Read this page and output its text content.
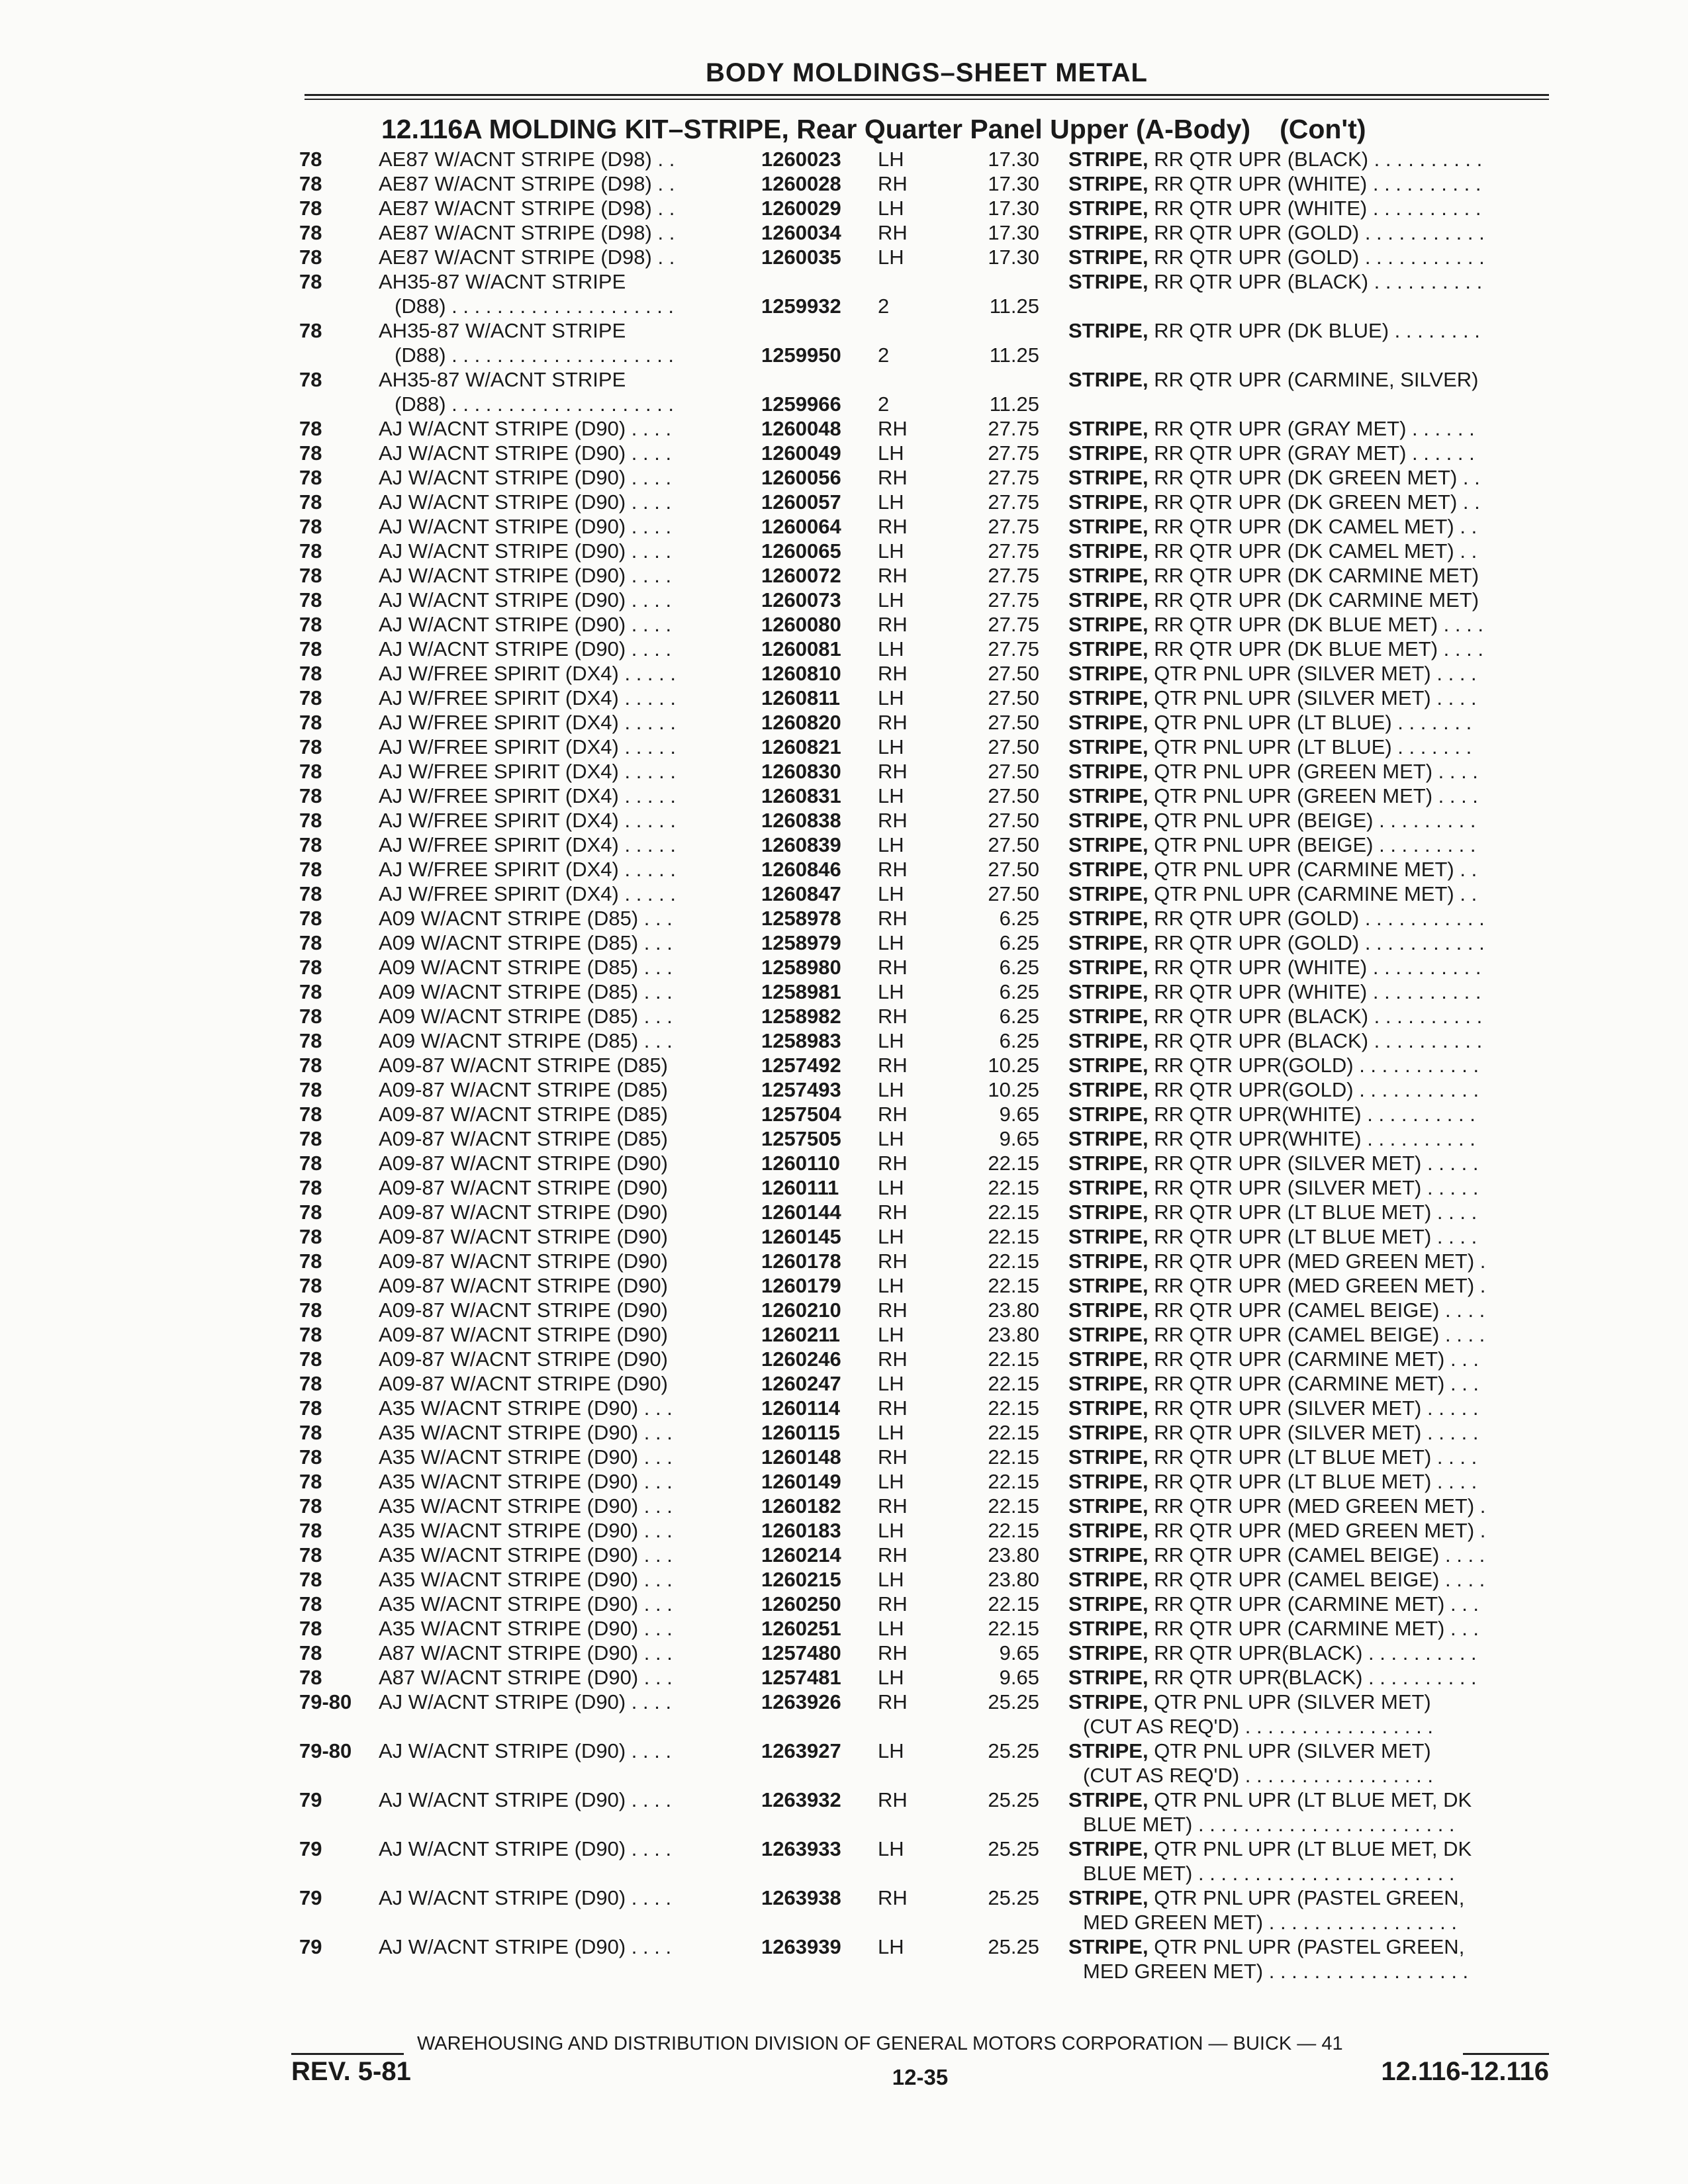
BODY MOLDINGS–SHEET METAL
12.116A MOLDING KIT–STRIPE, Rear Quarter Panel Upper (A-Body) (Con't)
78	AE87 W/ACNT STRIPE (D98) . .	1260023 LH	17.30 STRIPE, RR QTR UPR (BLACK) . . . . . . . . . .
78	AE87 W/ACNT STRIPE (D98) . .	1260028 RH	17.30 STRIPE, RR QTR UPR (WHITE) . . . . . . . . . .
78	AE87 W/ACNT STRIPE (D98) . .	1260029 LH	17.30 STRIPE, RR QTR UPR (WHITE) . . . . . . . . . .
78	AE87 W/ACNT STRIPE (D98) . .	1260034 RH	17.30 STRIPE, RR QTR UPR (GOLD) . . . . . . . . . . .
78	AE87 W/ACNT STRIPE (D98) . .	1260035 LH	17.30 STRIPE, RR QTR UPR (GOLD) . . . . . . . . . . .
78	AH35-87 W/ACNT STRIPE
(D88) . . . . . . . . . . . . . . . . . . . .	1259932 2	11.25
STRIPE, RR QTR UPR (BLACK) . . . . . . . . . .
78	AH35-87 W/ACNT STRIPE
(D88) . . . . . . . . . . . . . . . . . . . .	1259950 2	11.25
STRIPE, RR QTR UPR (DK BLUE) . . . . . . . .
78	AH35-87 W/ACNT STRIPE
(D88) . . . . . . . . . . . . . . . . . . . .	1259966 2	11.25
STRIPE, RR QTR UPR (CARMINE, SILVER)
78	AJ W/ACNT STRIPE (D90) . . . .	1260048 RH	27.75 STRIPE, RR QTR UPR (GRAY MET) . . . . . .
78	AJ W/ACNT STRIPE (D90) . . . .	1260049 LH	27.75 STRIPE, RR QTR UPR (GRAY MET) . . . . . .
78	AJ W/ACNT STRIPE (D90) . . . .	1260056 RH	27.75 STRIPE, RR QTR UPR (DK GREEN MET) . .
78	AJ W/ACNT STRIPE (D90) . . . .	1260057 LH	27.75 STRIPE, RR QTR UPR (DK GREEN MET) . .
78	AJ W/ACNT STRIPE (D90) . . . .	1260064 RH	27.75 STRIPE, RR QTR UPR (DK CAMEL MET) . .
78	AJ W/ACNT STRIPE (D90) . . . .	1260065 LH	27.75 STRIPE, RR QTR UPR (DK CAMEL MET) . .
78	AJ W/ACNT STRIPE (D90) . . . .	1260072 RH	27.75 STRIPE, RR QTR UPR (DK CARMINE MET)
78	AJ W/ACNT STRIPE (D90) . . . .	1260073 LH	27.75 STRIPE, RR QTR UPR (DK CARMINE MET)
78	AJ W/ACNT STRIPE (D90) . . . .	1260080 RH	27.75 STRIPE, RR QTR UPR (DK BLUE MET) . . . .
78	AJ W/ACNT STRIPE (D90) . . . .	1260081 LH	27.75 STRIPE, RR QTR UPR (DK BLUE MET) . . . .
78	AJ W/FREE SPIRIT (DX4) . . . . .	1260810 RH	27.50 STRIPE, QTR PNL UPR (SILVER MET) . . . .
78	AJ W/FREE SPIRIT (DX4) . . . . .	1260811 LH	27.50 STRIPE, QTR PNL UPR (SILVER MET) . . . .
78	AJ W/FREE SPIRIT (DX4) . . . . .	1260820 RH	27.50 STRIPE, QTR PNL UPR (LT BLUE) . . . . . . .
78	AJ W/FREE SPIRIT (DX4) . . . . .	1260821 LH	27.50 STRIPE, QTR PNL UPR (LT BLUE) . . . . . . .
78	AJ W/FREE SPIRIT (DX4) . . . . .	1260830 RH	27.50 STRIPE, QTR PNL UPR (GREEN MET) . . . .
78	AJ W/FREE SPIRIT (DX4) . . . . .	1260831 LH	27.50 STRIPE, QTR PNL UPR (GREEN MET) . . . .
78	AJ W/FREE SPIRIT (DX4) . . . . .	1260838 RH	27.50 STRIPE, QTR PNL UPR (BEIGE) . . . . . . . . .
78	AJ W/FREE SPIRIT (DX4) . . . . .	1260839 LH	27.50 STRIPE, QTR PNL UPR (BEIGE) . . . . . . . . .
78	AJ W/FREE SPIRIT (DX4) . . . . .	1260846 RH	27.50 STRIPE, QTR PNL UPR (CARMINE MET) . .
78	AJ W/FREE SPIRIT (DX4) . . . . .	1260847 LH	27.50 STRIPE, QTR PNL UPR (CARMINE MET) . .
78	A09 W/ACNT STRIPE (D85) . . .	1258978 RH	6.25 STRIPE, RR QTR UPR (GOLD) . . . . . . . . . . .
78	A09 W/ACNT STRIPE (D85) . . .	1258979 LH	6.25 STRIPE, RR QTR UPR (GOLD) . . . . . . . . . . .
78	A09 W/ACNT STRIPE (D85) . . .	1258980 RH	6.25 STRIPE, RR QTR UPR (WHITE) . . . . . . . . . .
78	A09 W/ACNT STRIPE (D85) . . .	1258981 LH	6.25 STRIPE, RR QTR UPR (WHITE) . . . . . . . . . .
78	A09 W/ACNT STRIPE (D85) . . .	1258982 RH	6.25 STRIPE, RR QTR UPR (BLACK) . . . . . . . . . .
78	A09 W/ACNT STRIPE (D85) . . .	1258983 LH	6.25 STRIPE, RR QTR UPR (BLACK) . . . . . . . . . .
78	A09-87 W/ACNT STRIPE (D85)	1257492 RH	10.25 STRIPE, RR QTR UPR(GOLD) . . . . . . . . . . .
78	A09-87 W/ACNT STRIPE (D85)	1257493 LH	10.25 STRIPE, RR QTR UPR(GOLD) . . . . . . . . . . .
78	A09-87 W/ACNT STRIPE (D85)	1257504 RH	9.65 STRIPE, RR QTR UPR(WHITE) . . . . . . . . . .
78	A09-87 W/ACNT STRIPE (D85)	1257505 LH	9.65 STRIPE, RR QTR UPR(WHITE) . . . . . . . . . .
78	A09-87 W/ACNT STRIPE (D90)	1260110 RH	22.15 STRIPE, RR QTR UPR (SILVER MET) . . . . .
78	A09-87 W/ACNT STRIPE (D90)	1260111 LH	22.15 STRIPE, RR QTR UPR (SILVER MET) . . . . .
78	A09-87 W/ACNT STRIPE (D90)	1260144 RH	22.15 STRIPE, RR QTR UPR (LT BLUE MET) . . . .
78	A09-87 W/ACNT STRIPE (D90)	1260145 LH	22.15 STRIPE, RR QTR UPR (LT BLUE MET) . . . .
78	A09-87 W/ACNT STRIPE (D90)	1260178 RH	22.15 STRIPE, RR QTR UPR (MED GREEN MET) .
78	A09-87 W/ACNT STRIPE (D90)	1260179 LH	22.15 STRIPE, RR QTR UPR (MED GREEN MET) .
78	A09-87 W/ACNT STRIPE (D90)	1260210 RH	23.80 STRIPE, RR QTR UPR (CAMEL BEIGE) . . . .
78	A09-87 W/ACNT STRIPE (D90)	1260211 LH	23.80 STRIPE, RR QTR UPR (CAMEL BEIGE) . . . .
78	A09-87 W/ACNT STRIPE (D90)	1260246 RH	22.15 STRIPE, RR QTR UPR (CARMINE MET) . . .
78	A09-87 W/ACNT STRIPE (D90)	1260247 LH	22.15 STRIPE, RR QTR UPR (CARMINE MET) . . .
78	A35 W/ACNT STRIPE (D90) . . .	1260114 RH	22.15 STRIPE, RR QTR UPR (SILVER MET) . . . . .
78	A35 W/ACNT STRIPE (D90) . . .	1260115 LH	22.15 STRIPE, RR QTR UPR (SILVER MET) . . . . .
78	A35 W/ACNT STRIPE (D90) . . .	1260148 RH	22.15 STRIPE, RR QTR UPR (LT BLUE MET) . . . .
78	A35 W/ACNT STRIPE (D90) . . .	1260149 LH	22.15 STRIPE, RR QTR UPR (LT BLUE MET) . . . .
78	A35 W/ACNT STRIPE (D90) . . .	1260182 RH	22.15 STRIPE, RR QTR UPR (MED GREEN MET) .
78	A35 W/ACNT STRIPE (D90) . . .	1260183 LH	22.15 STRIPE, RR QTR UPR (MED GREEN MET) .
78	A35 W/ACNT STRIPE (D90) . . .	1260214 RH	23.80 STRIPE, RR QTR UPR (CAMEL BEIGE) . . . .
78	A35 W/ACNT STRIPE (D90) . . .	1260215 LH	23.80 STRIPE, RR QTR UPR (CAMEL BEIGE) . . . .
78	A35 W/ACNT STRIPE (D90) . . .	1260250 RH	22.15 STRIPE, RR QTR UPR (CARMINE MET) . . .
78	A35 W/ACNT STRIPE (D90) . . .	1260251 LH	22.15 STRIPE, RR QTR UPR (CARMINE MET) . . .
78	A87 W/ACNT STRIPE (D90) . . .	1257480 RH	9.65 STRIPE, RR QTR UPR(BLACK) . . . . . . . . . .
78	A87 W/ACNT STRIPE (D90) . . .	1257481 LH	9.65 STRIPE, RR QTR UPR(BLACK) . . . . . . . . . .
79-80 AJ W/ACNT STRIPE (D90) . . . .	1263926 RH	25.25 STRIPE, QTR PNL UPR (SILVER MET)
(CUT AS REQ'D) . . . . . . . . . . . . . . . . .
79-80 AJ W/ACNT STRIPE (D90) . . . .	1263927 LH	25.25 STRIPE, QTR PNL UPR (SILVER MET)
(CUT AS REQ'D) . . . . . . . . . . . . . . . . .
79	AJ W/ACNT STRIPE (D90) . . . .	1263932 RH	25.25 STRIPE, QTR PNL UPR (LT BLUE MET, DK
BLUE MET) . . . . . . . . . . . . . . . . . . . . . . .
79	AJ W/ACNT STRIPE (D90) . . . .	1263933 LH	25.25 STRIPE, QTR PNL UPR (LT BLUE MET, DK
BLUE MET) . . . . . . . . . . . . . . . . . . . . . . .
79	AJ W/ACNT STRIPE (D90) . . . .	1263938 RH	25.25 STRIPE, QTR PNL UPR (PASTEL GREEN,
MED GREEN MET) . . . . . . . . . . . . . . . . .
79	AJ W/ACNT STRIPE (D90) . . . .	1263939 LH	25.25 STRIPE, QTR PNL UPR (PASTEL GREEN,
MED GREEN MET) . . . . . . . . . . . . . . . . . .
WAREHOUSING AND DISTRIBUTION DIVISION OF GENERAL MOTORS CORPORATION — BUICK — 41
REV. 5-81	12-35	12.116-12.116
